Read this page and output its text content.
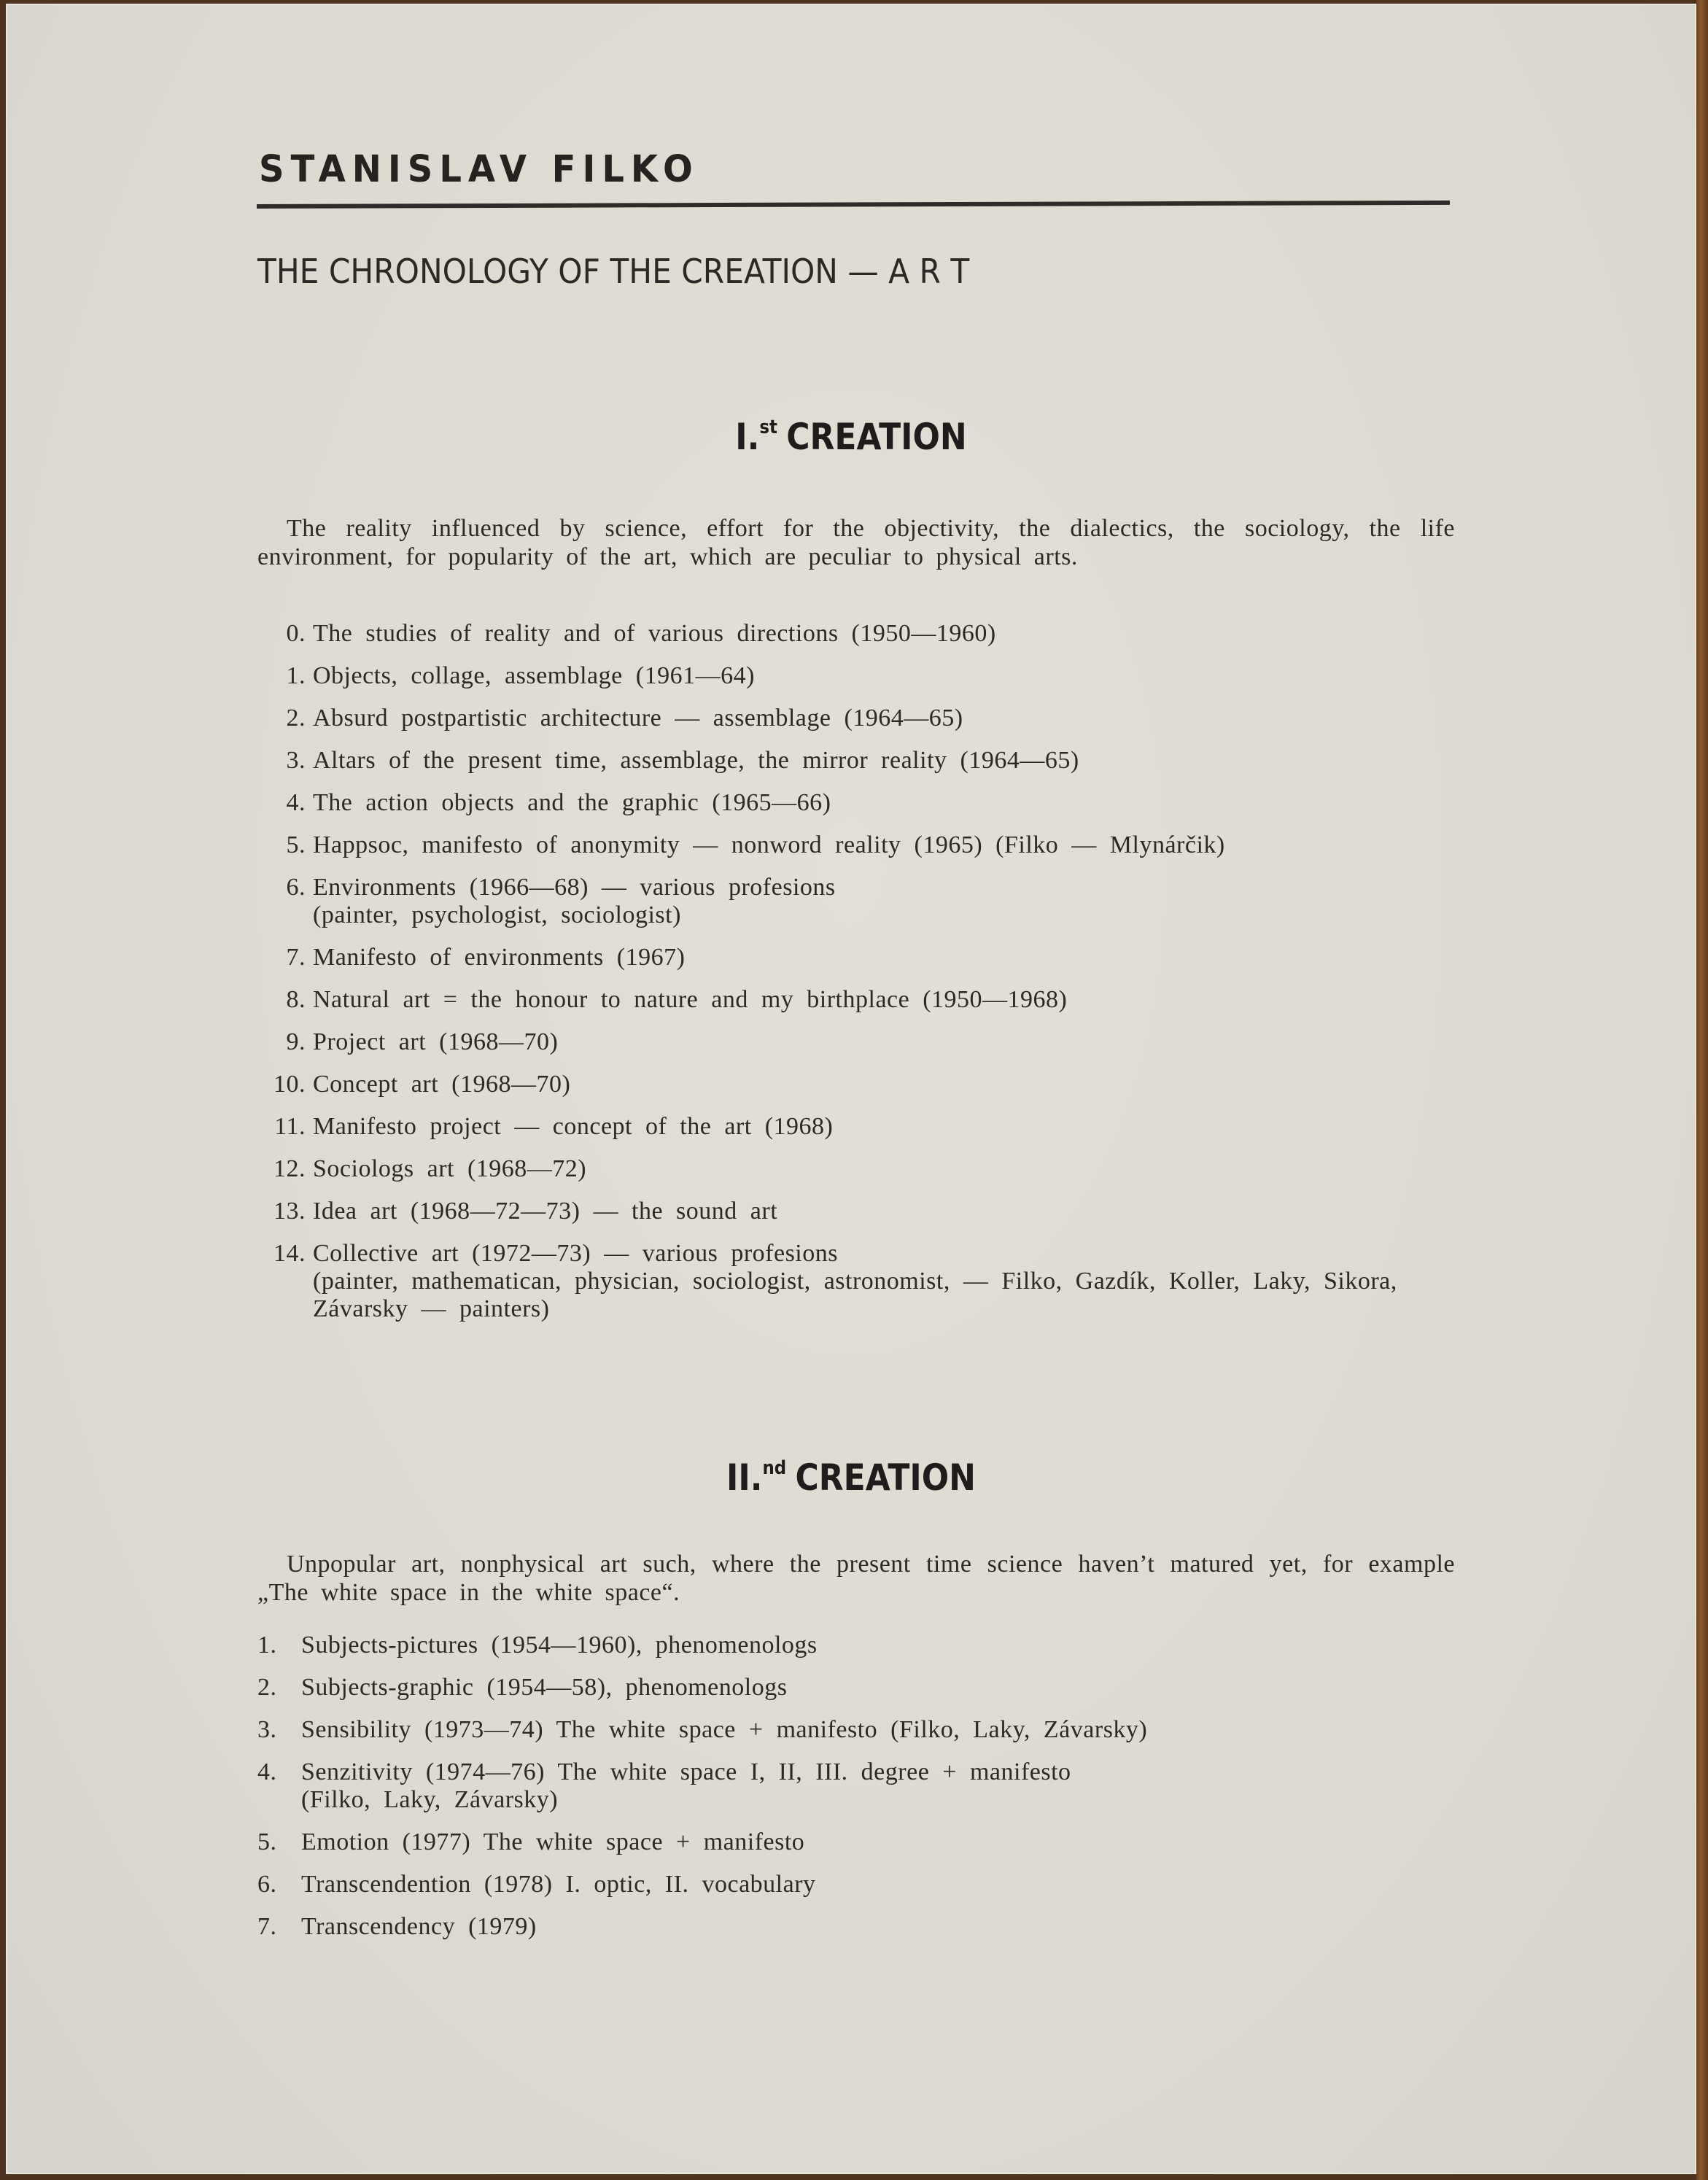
STANISLAV FILKO
THE CHRONOLOGY OF THE CREATION — A R T
I.$^{st}$ CREATION

The reality influenced by science, effort for the objectivity, the dialectics, the sociology, the life environment, for popularity of the art, which are peculiar to physical arts.

0. The studies of reality and of various directions (1950—1960)
1. Objects, collage, assemblage (1961—64)
2. Absurd postpartistic architecture — assemblage (1964—65)
3. Altars of the present time, assemblage, the mirror reality (1964—65)
4. The action objects and the graphic (1965—66)
5. Happsoc, manifesto of anonymity — nonword reality (1965) (Filko — Mlynárčik)
6. Environments (1966—68) — various profesions
(painter, psychologist, sociologist)
7. Manifesto of environments (1967)
8. Natural art = the honour to nature and my birthplace (1950—1968)
9. Project art (1968—70)
10. Concept art (1968—70)
11. Manifesto project — concept of the art (1968)
12. Sociologs art (1968—72)
13. Idea art (1968—72—73) — the sound art
14. Collective art (1972—73) — various profesions
(painter, mathematican, physician, sociologist, astronomist, — Filko, Gazdík, Koller, Laky, Sikora, Závarsky — painters)
II.$^{nd}$ CREATION

Unpopular art, nonphysical art such, where the present time science haven’t matured yet, for example „The white space in the white space“.

1. Subjects-pictures (1954—1960), phenomenologs
2. Subjects-graphic (1954—58), phenomenologs
3. Sensibility (1973—74) The white space + manifesto (Filko, Laky, Závarsky)
4. Senzitivity (1974—76) The white space I, II, III. degree + manifesto
(Filko, Laky, Závarsky)
5. Emotion (1977) The white space + manifesto
6. Transcendention (1978) I. optic, II. vocabulary
7. Transcendency (1979)
